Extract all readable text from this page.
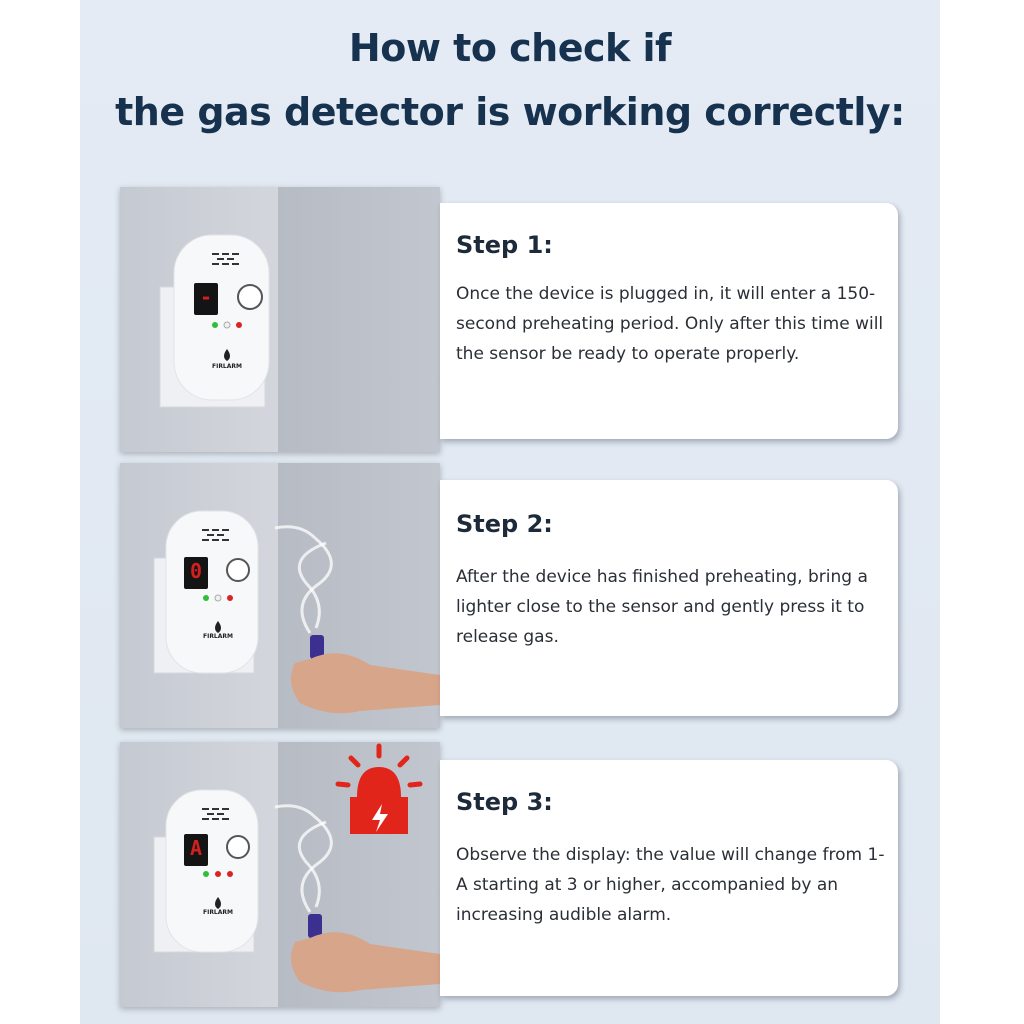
How to check if
the gas detector is working correctly:
-
FIRLARM
Step 1:
Once the device is plugged in, it will enter a 150-second preheating period. Only after this time will the sensor be ready to operate properly.
0
FIRLARM
Step 2:
After the device has finished preheating, bring a lighter close to the sensor and gently press it to release gas.
A
FIRLARM
Step 3:
Observe the display: the value will change from 1-A starting at 3 or higher, accompanied by an increasing audible alarm.
